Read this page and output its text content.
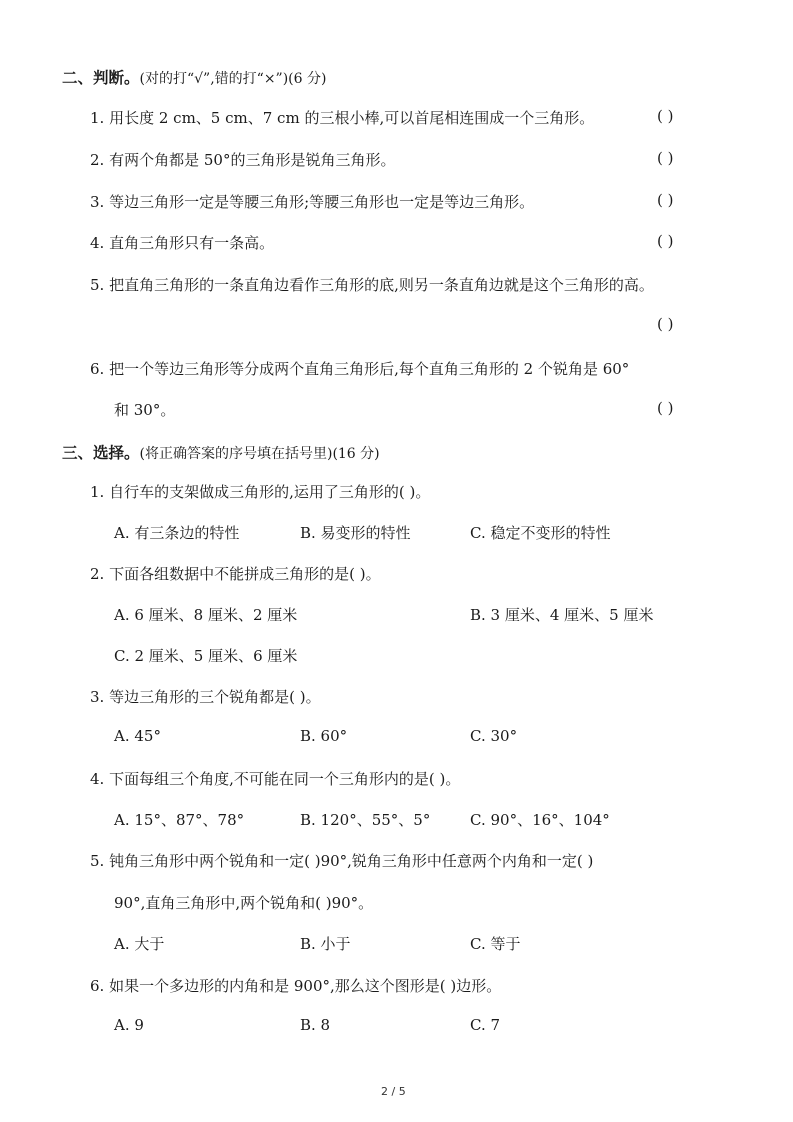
二、判断。(对的打“√”,错的打“×”)(6 分)
1. 用长度 2 cm、5 cm、7 cm 的三根小棒,可以首尾相连围成一个三角形。	( )
2. 有两个角都是 50°的三角形是锐角三角形。	( )
3. 等边三角形一定是等腰三角形;等腰三角形也一定是等边三角形。	( )
4. 直角三角形只有一条高。	( )
5. 把直角三角形的一条直角边看作三角形的底,则另一条直角边就是这个三角形的高。
( )
6. 把一个等边三角形等分成两个直角三角形后,每个直角三角形的 2 个锐角是 60°
和 30°。	( )
三、选择。(将正确答案的序号填在括号里)(16 分)
1. 自行车的支架做成三角形的,运用了三角形的( )。
A. 有三条边的特性	B. 易变形的特性	C. 稳定不变形的特性
2. 下面各组数据中不能拼成三角形的是( )。
A. 6 厘米、8 厘米、2 厘米	B. 3 厘米、4 厘米、5 厘米
C. 2 厘米、5 厘米、6 厘米
3. 等边三角形的三个锐角都是( )。
A. 45°	B. 60°	C. 30°
4. 下面每组三个角度,不可能在同一个三角形内的是( )。
A. 15°、87°、78°	B. 120°、55°、5°	C. 90°、16°、104°
5. 钝角三角形中两个锐角和一定( )90°,锐角三角形中任意两个内角和一定( )
90°,直角三角形中,两个锐角和( )90°。
A. 大于	B. 小于	C. 等于
6. 如果一个多边形的内角和是 900°,那么这个图形是( )边形。
A. 9	B. 8	C. 7
2 / 5
